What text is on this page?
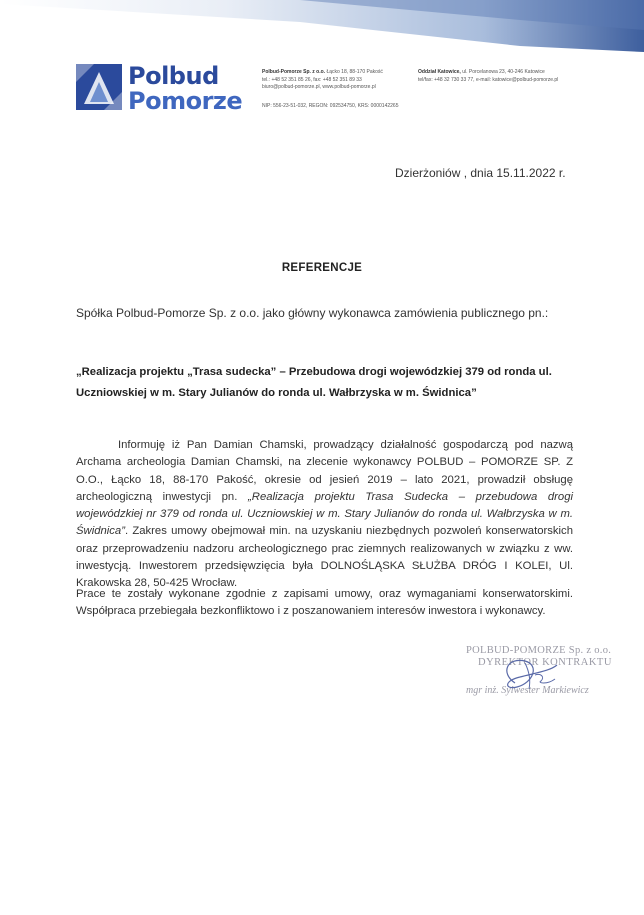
Polbud
Pomorze
Polbud-Pomorze Sp. z o.o. Łącko 18, 88-170 Pakość
tel.: +48 52 351 85 26, fax: +48 52 351 89 33
biuro@polbud-pomorze.pl, www.polbud-pomorze.pl
NIP: 556-23-51-032, REGON: 092534750, KRS: 0000142265
Oddział Katowice, ul. Porcelanowa 23, 40-246 Katowice
tel/fax: +48 32 730 33 77, e-mail: katowice@polbud-pomorze.pl
Dzierżoniów , dnia 15.11.2022 r.
REFERENCJE
Spółka Polbud-Pomorze Sp. z o.o. jako główny wykonawca zamówienia publicznego pn.:
„Realizacja projektu „Trasa sudecka” – Przebudowa drogi wojewódzkiej 379 od ronda ul.
Uczniowskiej w m. Stary Julianów do ronda ul. Wałbrzyska w m. Świdnica”
Informuję iż Pan Damian Chamski, prowadzący działalność gospodarczą pod nazwą Archama archeologia Damian Chamski, na zlecenie wykonawcy POLBUD – POMORZE SP. Z O.O., Łącko 18, 88-170 Pakość, okresie od jesień 2019 – lato 2021, prowadził obsługę archeologiczną inwestycji pn. „Realizacja projektu Trasa Sudecka – przebudowa drogi wojewódzkiej nr 379 od ronda ul. Uczniowskiej w m. Stary Julianów do ronda ul. Wałbrzyska w m. Świdnica”. Zakres umowy obejmował min. na uzyskaniu niezbędnych pozwoleń konserwatorskich oraz przeprowadzeniu nadzoru archeologicznego prac ziemnych realizowanych w związku z ww. inwestycją. Inwestorem przedsięwzięcia była DOLNOŚLĄSKA SŁUŻBA DRÓG I KOLEI, Ul. Krakowska 28, 50-425 Wrocław.
Prace te zostały wykonane zgodnie z zapisami umowy, oraz wymaganiami konserwatorskimi. Współpraca przebiegała bezkonfliktowo i z poszanowaniem interesów inwestora i wykonawcy.
POLBUD-POMORZE Sp. z o.o.
DYREKTOR KONTRAKTU
mgr inż. Sylwester Markiewicz
